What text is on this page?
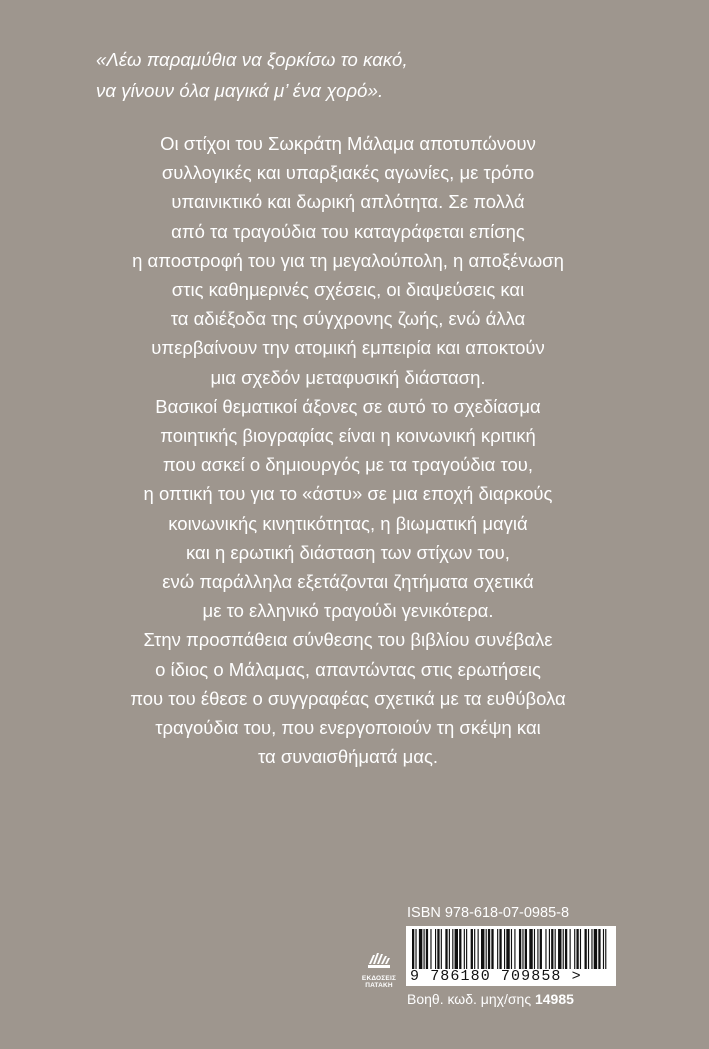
«Λέω παραμύθια να ξορκίσω το κακό,
να γίνουν όλα μαγικά μ’ ένα χορό».
Οι στίχοι του Σωκράτη Μάλαμα αποτυπώνουν
συλλογικές και υπαρξιακές αγωνίες, με τρόπο
υπαινικτικό και δωρική απλότητα. Σε πολλά
από τα τραγούδια του καταγράφεται επίσης
η αποστροφή του για τη μεγαλούπολη, η αποξένωση
στις καθημερινές σχέσεις, οι διαψεύσεις και
τα αδιέξοδα της σύγχρονης ζωής, ενώ άλλα
υπερβαίνουν την ατομική εμπειρία και αποκτούν
μια σχεδόν μεταφυσική διάσταση.
Βασικοί θεματικοί άξονες σε αυτό το σχεδίασμα
ποιητικής βιογραφίας είναι η κοινωνική κριτική
που ασκεί ο δημιουργός με τα τραγούδια του,
η οπτική του για το «άστυ» σε μια εποχή διαρκούς
κοινωνικής κινητικότητας, η βιωματική μαγιά
και η ερωτική διάσταση των στίχων του,
ενώ παράλληλα εξετάζονται ζητήματα σχετικά
με το ελληνικό τραγούδι γενικότερα.
Στην προσπάθεια σύνθεσης του βιβλίου συνέβαλε
ο ίδιος ο Μάλαμας, απαντώντας στις ερωτήσεις
που του έθεσε ο συγγραφέας σχετικά με τα ευθύβολα
τραγούδια του, που ενεργοποιούν τη σκέψη και
τα συναισθήματά μας.
ΕΚΔΟΣΕΙΣ
ΠΑΤΑΚΗ
ISBN 978-618-07-0985-8
9 786180 709858 >
Βοηθ. κωδ. μηχ/σης 14985
